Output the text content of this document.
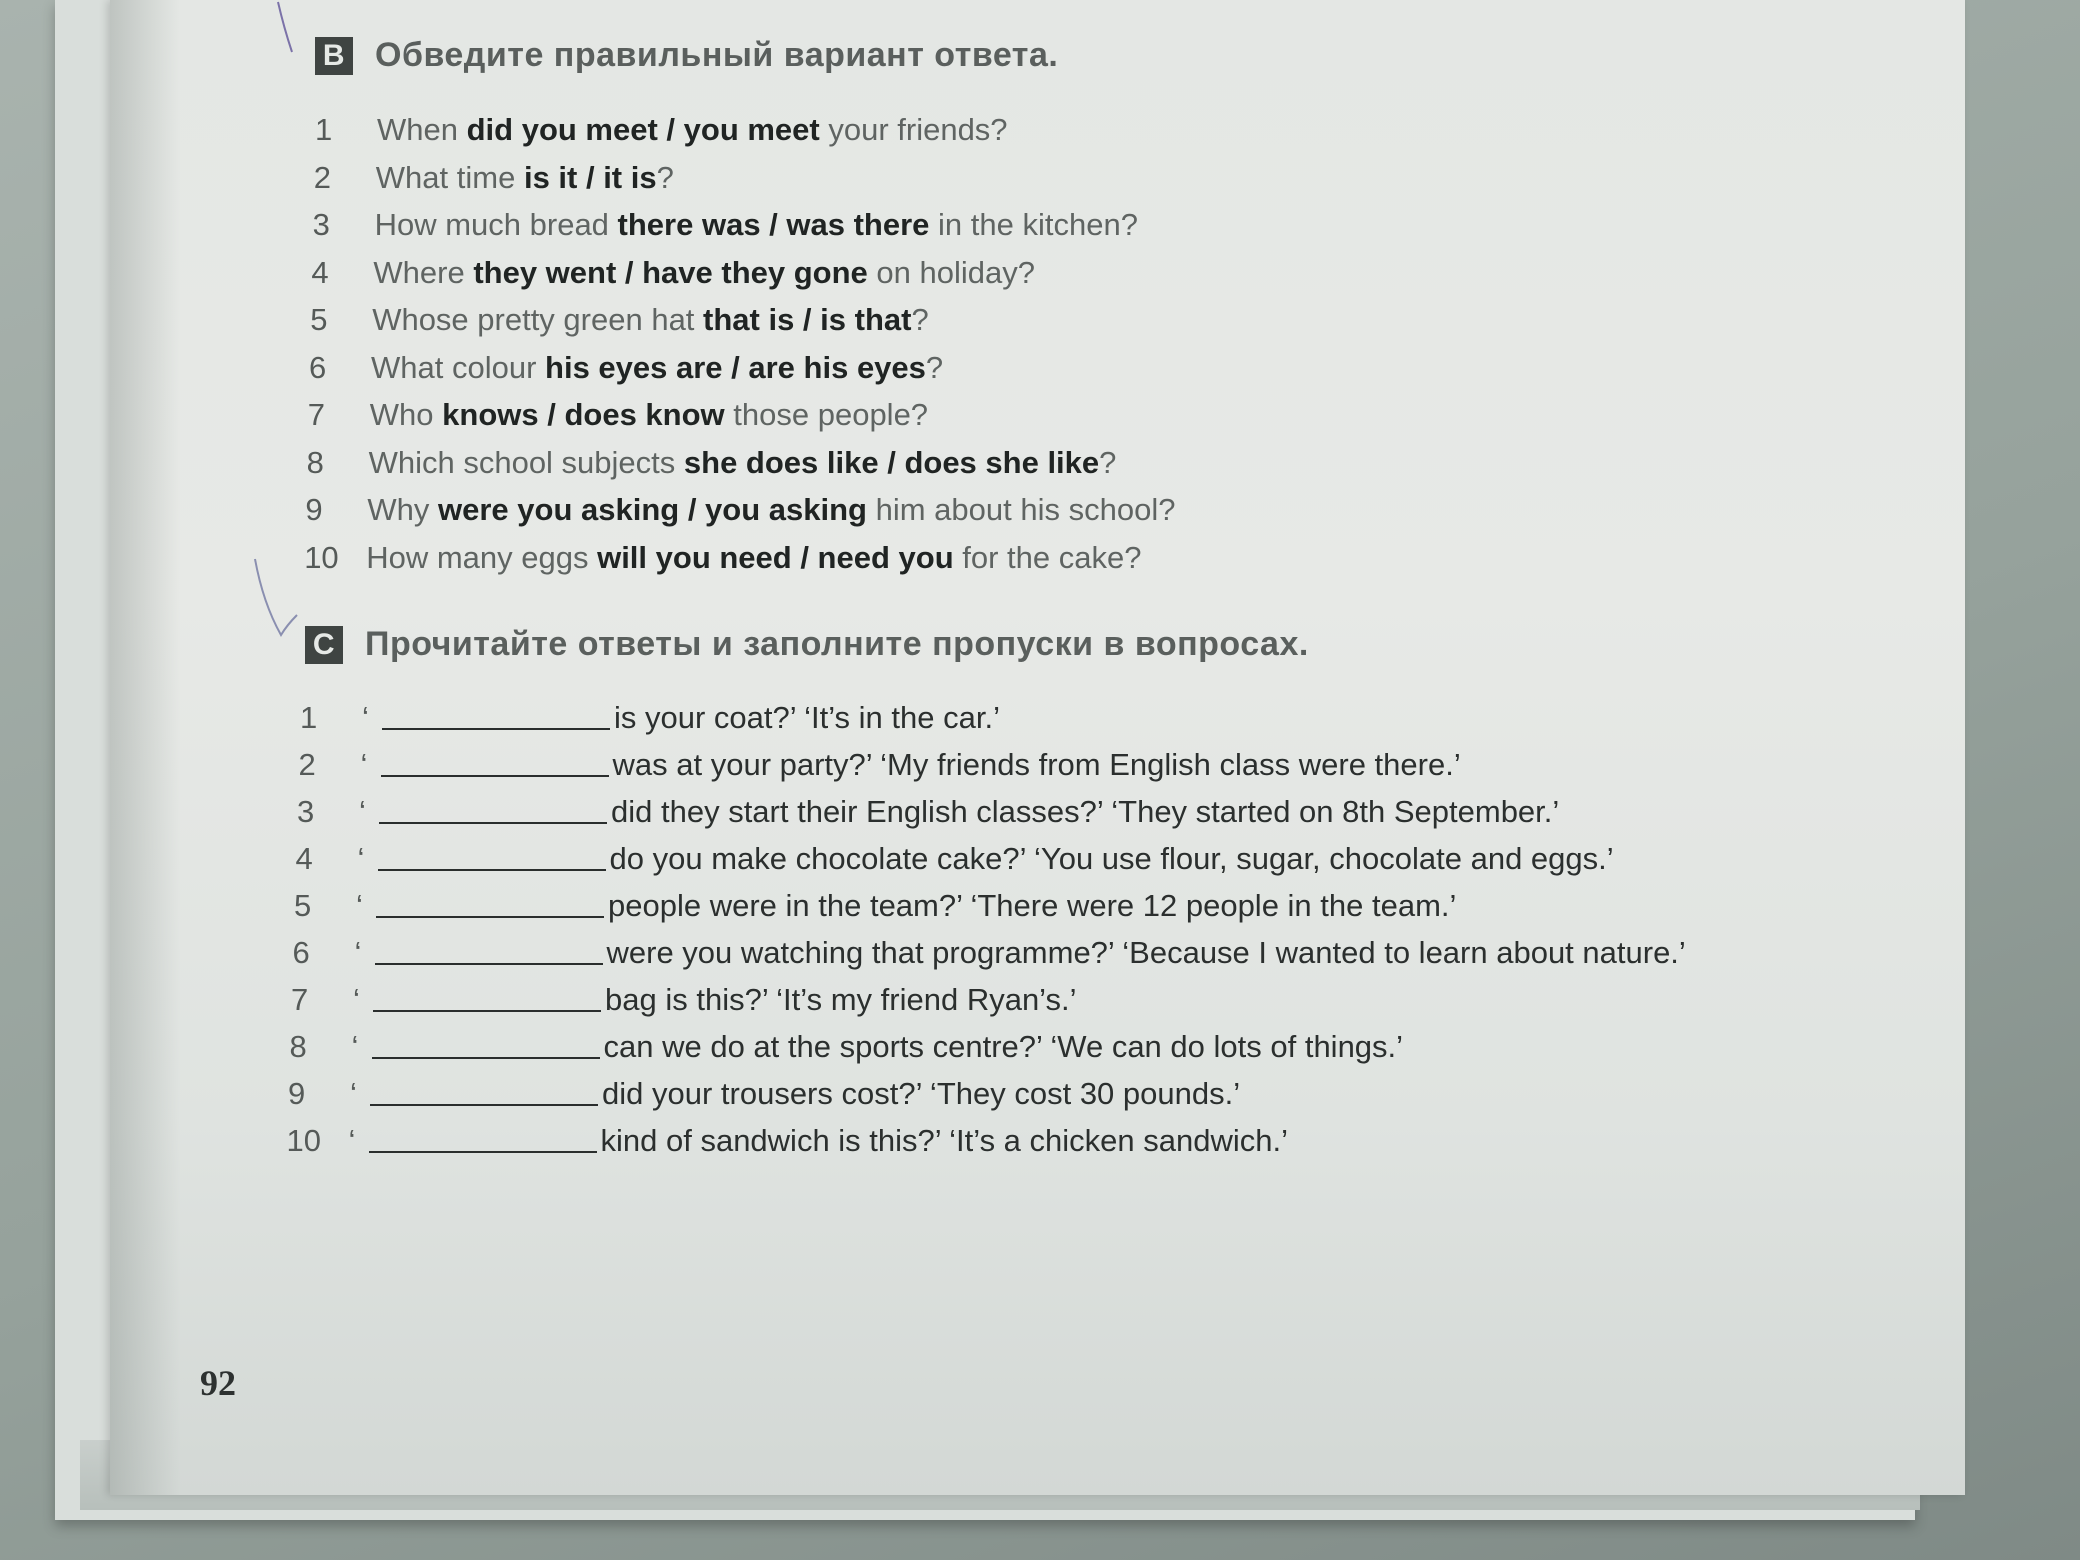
B Обведите правильный вариант ответа.
1 When did you meet / you meet your friends?
2 What time is it / it is?
3 How much bread there was / was there in the kitchen?
4 Where they went / have they gone on holiday?
5 Whose pretty green hat that is / is that?
6 What colour his eyes are / are his eyes?
7 Who knows / does know those people?
8 Which school subjects she does like / does she like?
9 Why were you asking / you asking him about his school?
10 How many eggs will you need / need you for the cake?
C Прочитайте ответы и заполните пропуски в вопросах.
1	‘	is your coat?’ ‘It’s in the car.’
2	‘	was at your party?’ ‘My friends from English class were there.’
3	‘	did they start their English classes?’ ‘They started on 8th September.’
4	‘	do you make chocolate cake?’ ‘You use flour, sugar, chocolate and eggs.’
5	‘	people were in the team?’ ‘There were 12 people in the team.’
6	‘	were you watching that programme?’ ‘Because I wanted to learn about nature.’
7	‘	bag is this?’ ‘It’s my friend Ryan’s.’
8	‘	can we do at the sports centre?’ ‘We can do lots of things.’
9	‘	did your trousers cost?’ ‘They cost 30 pounds.’
10 ‘	kind of sandwich is this?’ ‘It’s a chicken sandwich.’
92
